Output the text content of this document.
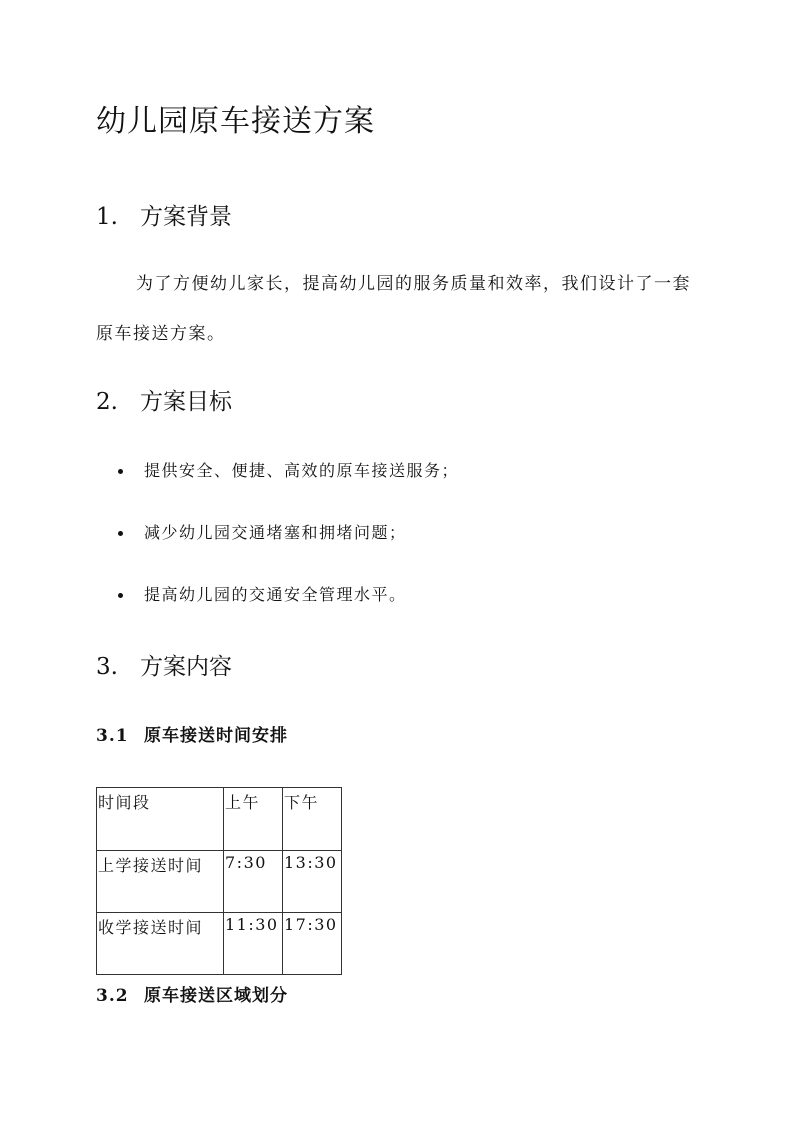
幼儿园原车接送方案
1. 方案背景

为了方便幼儿家长，提高幼儿园的服务质量和效率，我们设计了一套原车接送方案。

2. 方案目标
提供安全、便捷、高效的原车接送服务；
减少幼儿园交通堵塞和拥堵问题；
提高幼儿园的交通安全管理水平。
3. 方案内容
3.1 原车接送时间安排
时间段	上午	下午
上学接送时间	7:30	13:30
收学接送时间	11:30	17:30
3.2 原车接送区域划分
